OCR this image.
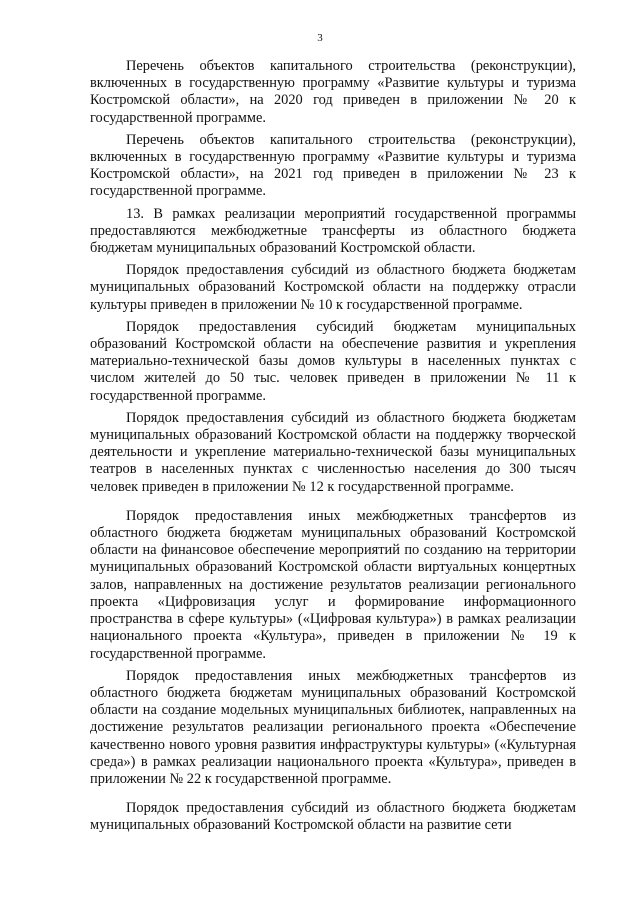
3

Перечень объектов капитального строительства (реконструкции), включенных в государственную программу «Развитие культуры и туризма Костромской области», на 2020 год приведен в приложении № 20 к государственной программе.

Перечень объектов капитального строительства (реконструкции), включенных в государственную программу «Развитие культуры и туризма Костромской области», на 2021 год приведен в приложении № 23 к государственной программе.

13. В рамках реализации мероприятий государственной программы предоставляются межбюджетные трансферты из областного бюджета бюджетам муниципальных образований Костромской области.

Порядок предоставления субсидий из областного бюджета бюджетам муниципальных образований Костромской области на поддержку отрасли культуры приведен в приложении № 10 к государственной программе.

Порядок предоставления субсидий бюджетам муниципальных образований Костромской области на обеспечение развития и укрепления материально-технической базы домов культуры в населенных пунктах с числом жителей до 50 тыс. человек приведен в приложении № 11 к государственной программе.

Порядок предоставления субсидий из областного бюджета бюджетам муниципальных образований Костромской области на поддержку творческой деятельности и укрепление материально-технической базы муниципальных театров в населенных пунктах с численностью населения до 300 тысяч человек приведен в приложении № 12 к государственной программе.

Порядок предоставления иных межбюджетных трансфертов из областного бюджета бюджетам муниципальных образований Костромской области на финансовое обеспечение мероприятий по созданию на территории муниципальных образований Костромской области виртуальных концертных залов, направленных на достижение результатов реализации регионального проекта «Цифровизация услуг и формирование информационного пространства в сфере культуры» («Цифровая культура») в рамках реализации национального проекта «Культура», приведен в приложении № 19 к государственной программе.

Порядок предоставления иных межбюджетных трансфертов из областного бюджета бюджетам муниципальных образований Костромской области на создание модельных муниципальных библиотек, направленных на достижение результатов реализации регионального проекта «Обеспечение качественно нового уровня развития инфраструктуры культуры» («Культурная среда») в рамках реализации национального проекта «Культура», приведен в приложении № 22 к государственной программе.

Порядок предоставления субсидий из областного бюджета бюджетам муниципальных образований Костромской области на развитие сети
